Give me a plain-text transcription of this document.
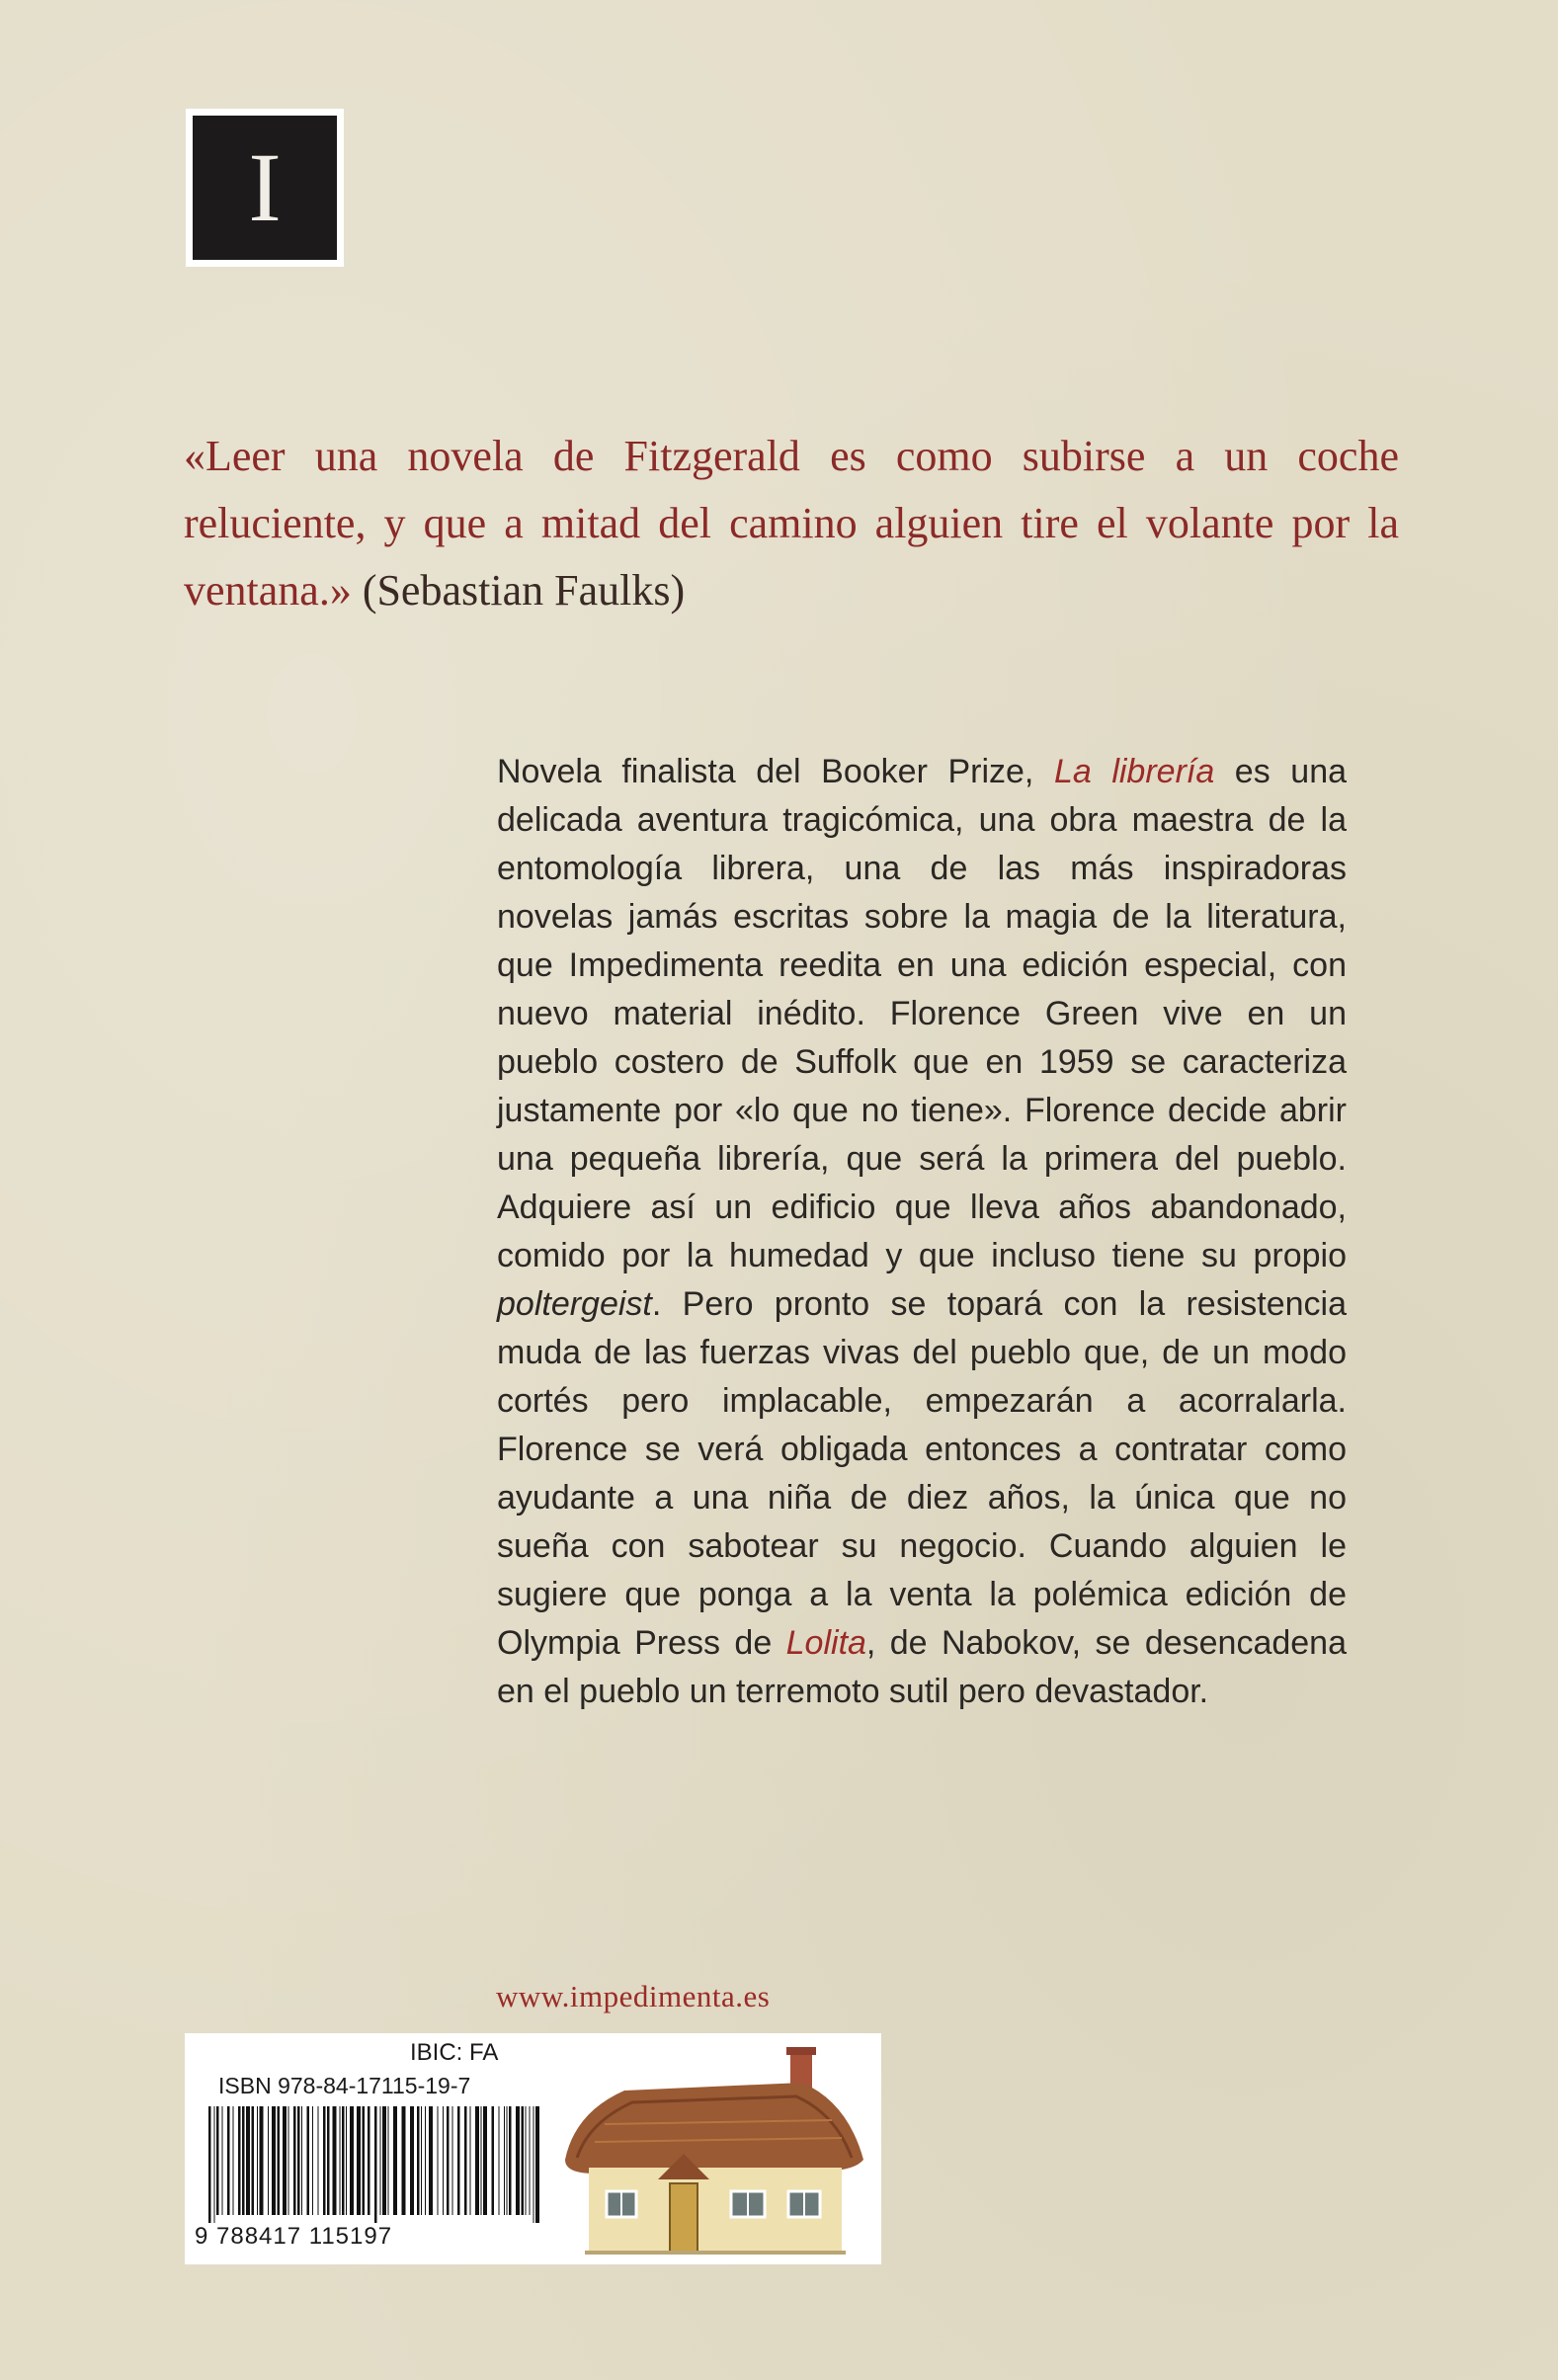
I

«Leer una novela de Fitzgerald es como subirse a un coche reluciente, y que a mitad del camino alguien tire el volante por la ventana.» (Sebastian Faulks)

Novela finalista del Booker Prize, La librería es una delicada aventura tragicómica, una obra maestra de la entomología librera, una de las más inspiradoras novelas jamás escritas sobre la magia de la literatura, que Impedimenta reedita en una edición especial, con nuevo material inédito. Florence Green vive en un pueblo costero de Suffolk que en 1959 se caracteriza justamente por «lo que no tiene». Florence decide abrir una pequeña librería, que será la primera del pueblo. Adquiere así un edificio que lleva años abandonado, comido por la humedad y que incluso tiene su propio poltergeist. Pero pronto se topará con la resistencia muda de las fuerzas vivas del pueblo que, de un modo cortés pero implacable, empezarán a acorralarla. Florence se verá obligada entonces a contratar como ayudante a una niña de diez años, la única que no sueña con sabotear su negocio. Cuando alguien le sugiere que ponga a la venta la polémica edición de Olympia Press de Lolita, de Nabokov, se desencadena en el pueblo un terremoto sutil pero devastador.

www.impedimenta.es
IBIC: FA
ISBN 978-84-17115-19-7
9 788417 115197
